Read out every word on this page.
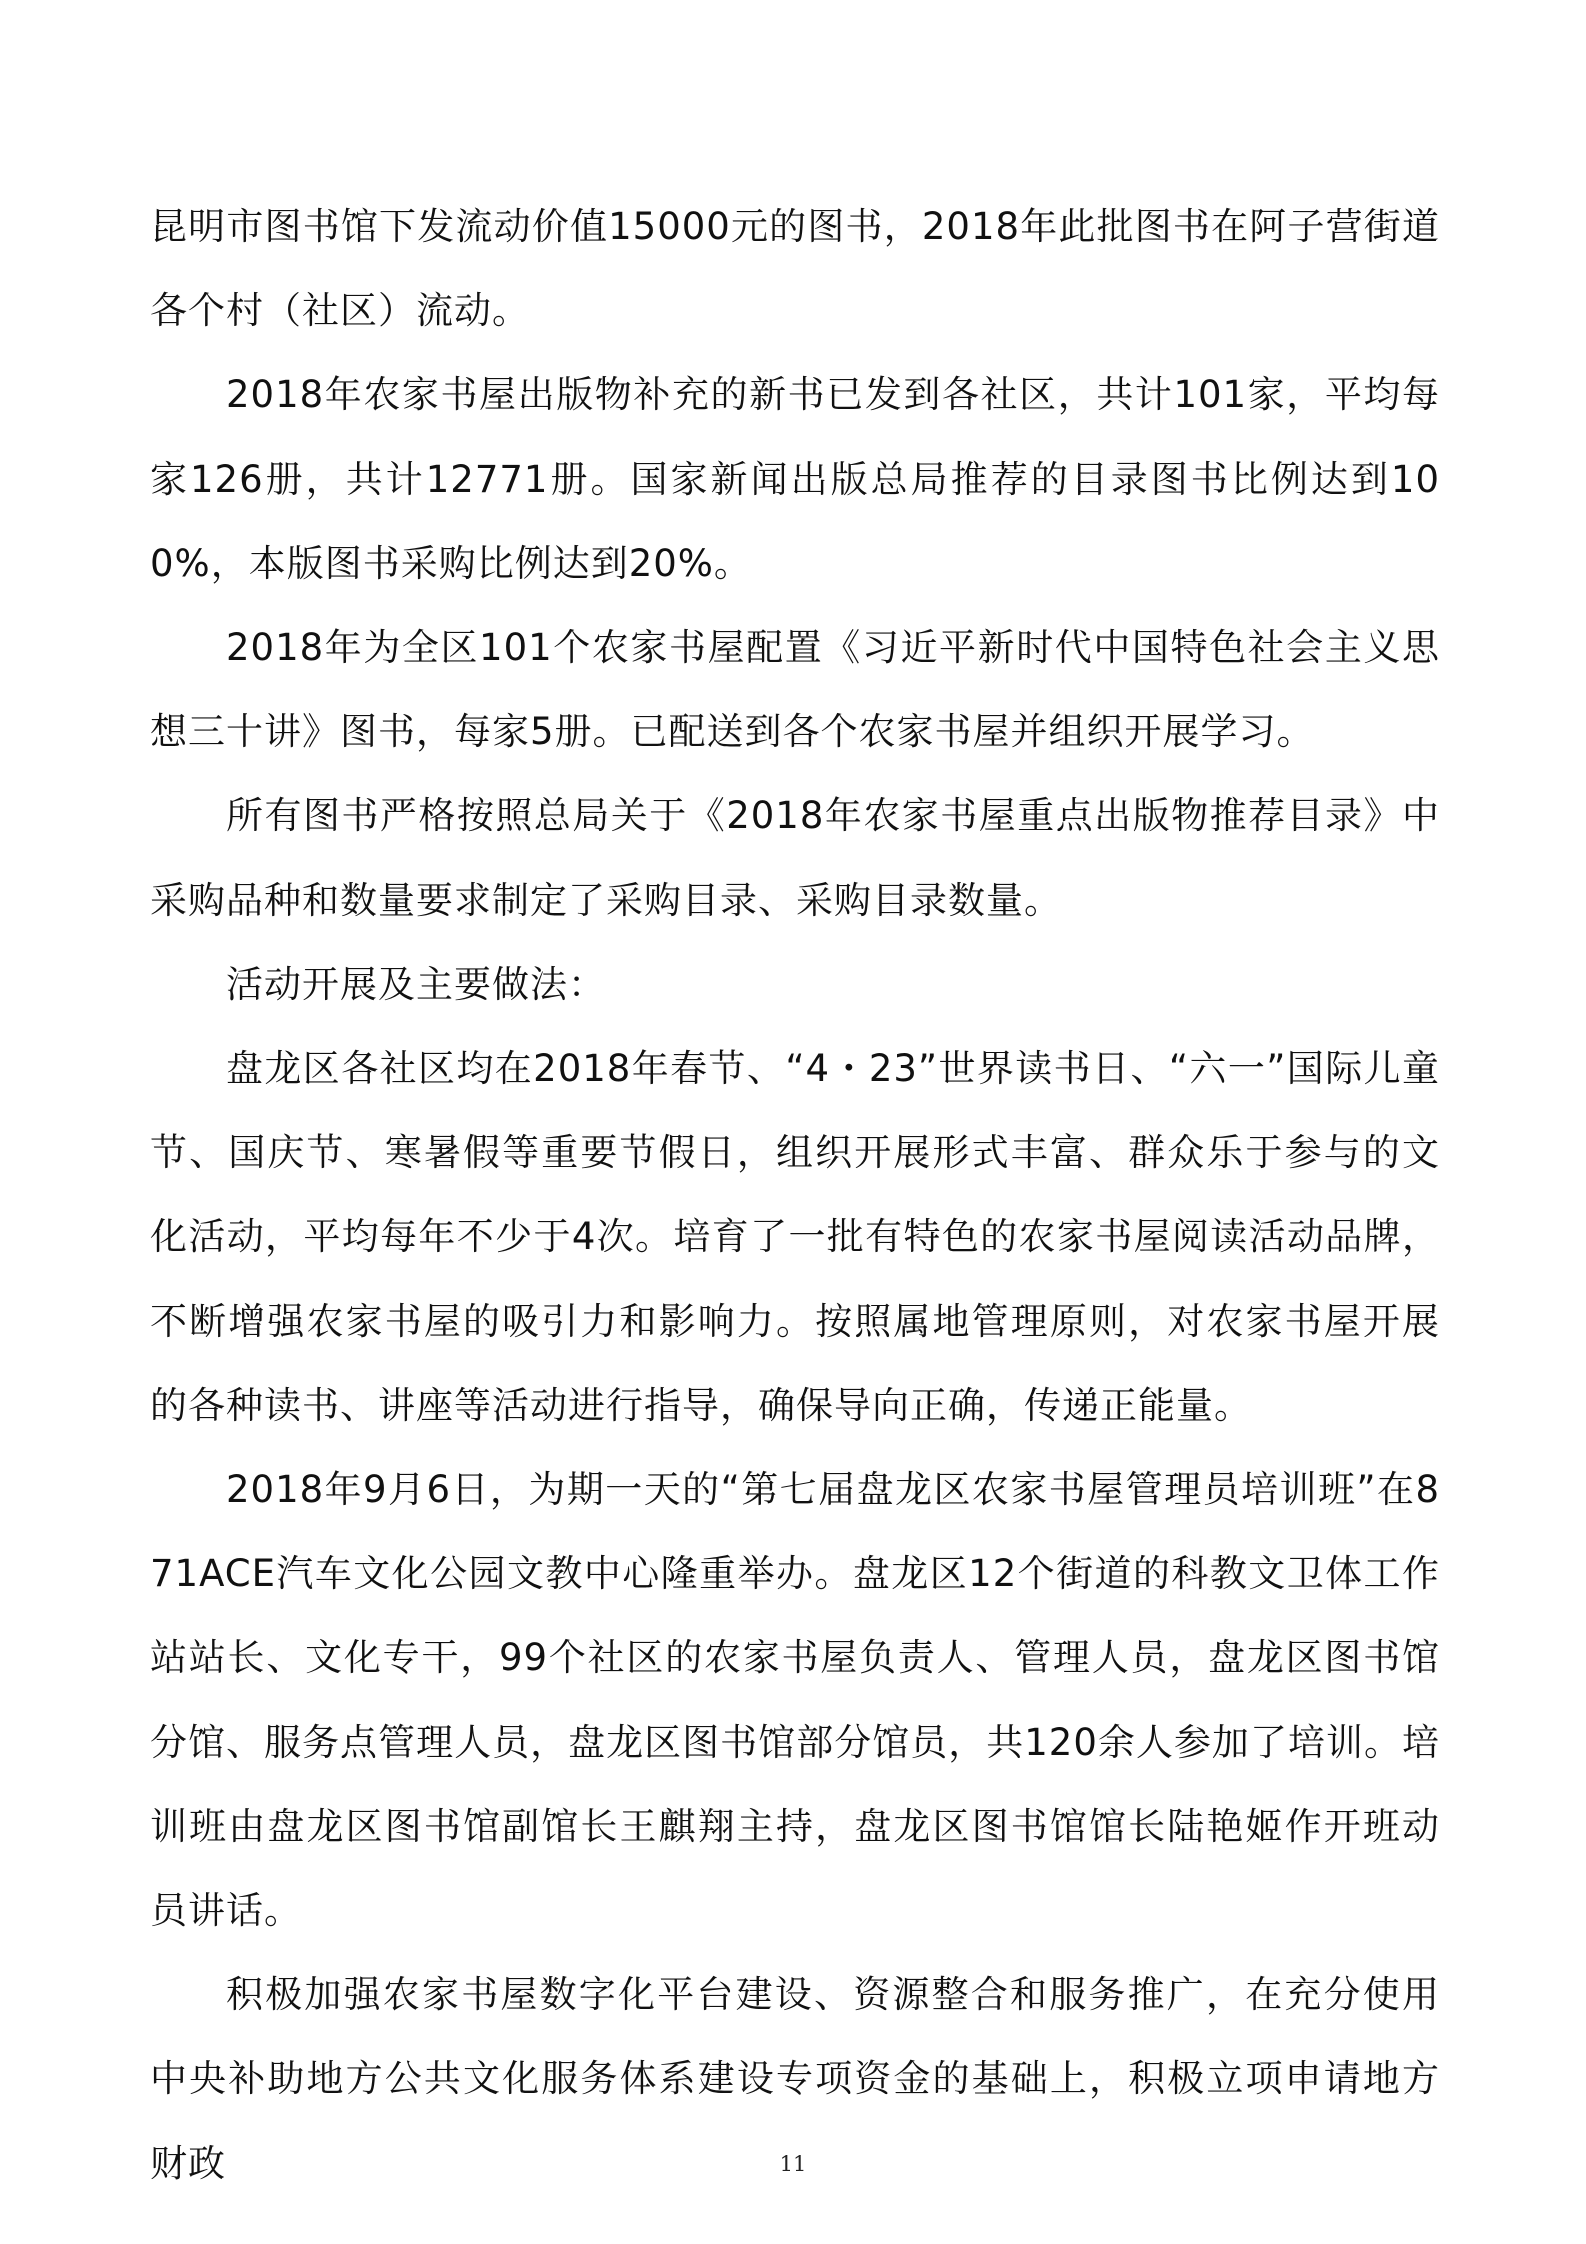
昆明市图书馆下发流动价值15000元的图书，2018年此批图书在阿子营街道各个村（社区）流动。

2018年农家书屋出版物补充的新书已发到各社区，共计101家，平均每家126册，共计12771册。国家新闻出版总局推荐的目录图书比例达到100%，本版图书采购比例达到20%。

2018年为全区101个农家书屋配置《习近平新时代中国特色社会主义思想三十讲》图书，每家5册。已配送到各个农家书屋并组织开展学习。

所有图书严格按照总局关于《2018年农家书屋重点出版物推荐目录》中采购品种和数量要求制定了采购目录、采购目录数量。

活动开展及主要做法：

盘龙区各社区均在2018年春节、“4・23”世界读书日、“六一”国际儿童节、国庆节、寒暑假等重要节假日，组织开展形式丰富、群众乐于参与的文化活动，平均每年不少于4次。培育了一批有特色的农家书屋阅读活动品牌，不断增强农家书屋的吸引力和影响力。按照属地管理原则，对农家书屋开展的各种读书、讲座等活动进行指导，确保导向正确，传递正能量。

2018年9月6日，为期一天的“第七届盘龙区农家书屋管理员培训班”在871ACE汽车文化公园文教中心隆重举办。盘龙区12个街道的科教文卫体工作站站长、文化专干，99个社区的农家书屋负责人、管理人员，盘龙区图书馆分馆、服务点管理人员，盘龙区图书馆部分馆员，共120余人参加了培训。培训班由盘龙区图书馆副馆长王麒翔主持，盘龙区图书馆馆长陆艳姬作开班动员讲话。

积极加强农家书屋数字化平台建设、资源整合和服务推广，在充分使用中央补助地方公共文化服务体系建设专项资金的基础上，积极立项申请地方财政	11
